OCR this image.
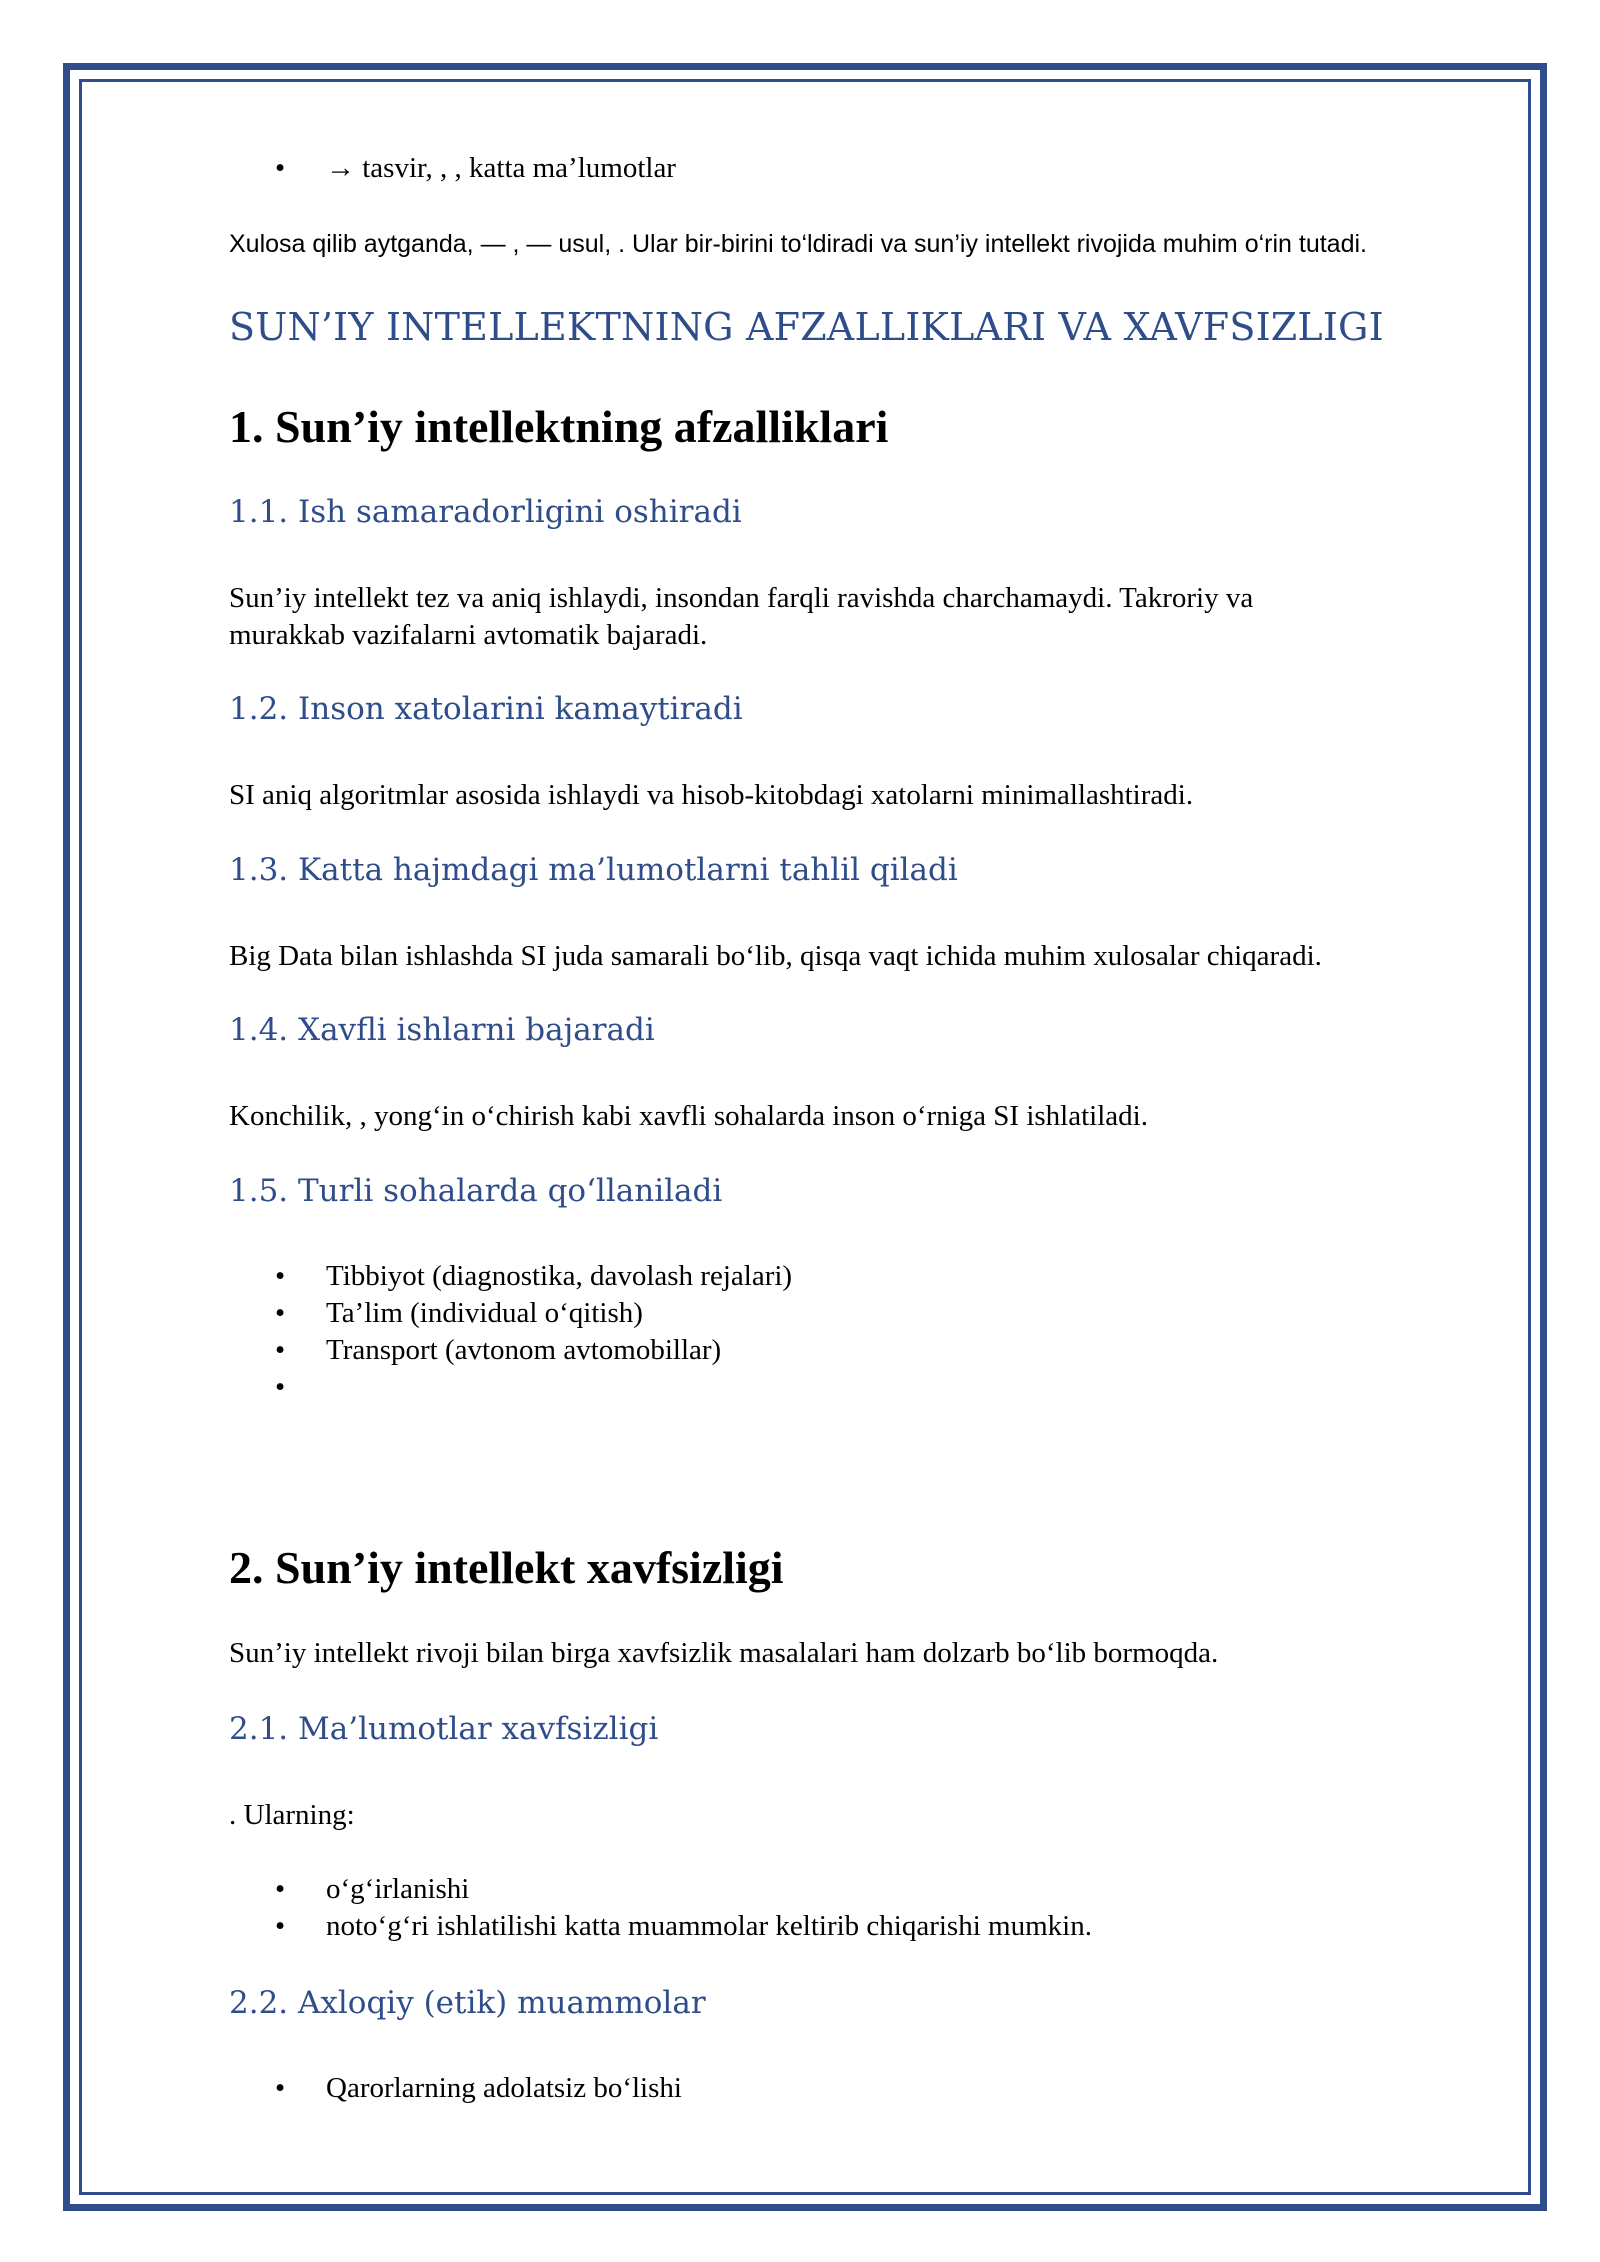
• → tasvir, , , katta ma’lumotlar
Xulosa qilib aytganda, — , — usul, . Ular bir-birini to‘ldiradi va sun’iy intellekt rivojida muhim o‘rin tutadi.
SUN’IY INTELLEKTNING AFZALLIKLARI VA XAVFSIZLIGI
1. Sun’iy intellektning afzalliklari
1.1. Ish samaradorligini oshiradi
Sun’iy intellekt tez va aniq ishlaydi, insondan farqli ravishda charchamaydi. Takroriy va
murakkab vazifalarni avtomatik bajaradi.
1.2. Inson xatolarini kamaytiradi
SI aniq algoritmlar asosida ishlaydi va hisob-kitobdagi xatolarni minimallashtiradi.
1.3. Katta hajmdagi ma’lumotlarni tahlil qiladi
Big Data bilan ishlashda SI juda samarali bo‘lib, qisqa vaqt ichida muhim xulosalar chiqaradi.
1.4. Xavfli ishlarni bajaradi
Konchilik, , yong‘in o‘chirish kabi xavfli sohalarda inson o‘rniga SI ishlatiladi.
1.5. Turli sohalarda qo‘llaniladi
• Tibbiyot (diagnostika, davolash rejalari)
• Ta’lim (individual o‘qitish)
• Transport (avtonom avtomobillar)
•
2. Sun’iy intellekt xavfsizligi
Sun’iy intellekt rivoji bilan birga xavfsizlik masalalari ham dolzarb bo‘lib bormoqda.
2.1. Ma’lumotlar xavfsizligi
. Ularning:
• o‘g‘irlanishi
• noto‘g‘ri ishlatilishi katta muammolar keltirib chiqarishi mumkin.
2.2. Axloqiy (etik) muammolar
• Qarorlarning adolatsiz bo‘lishi
